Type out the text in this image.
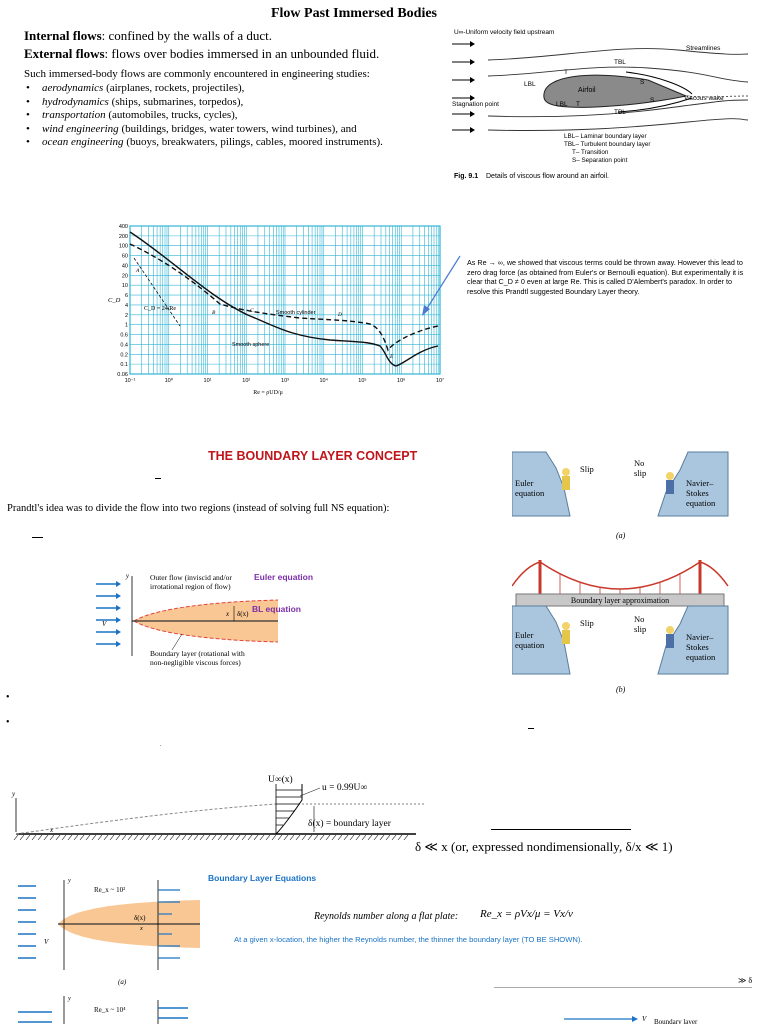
Flow Past Immersed Bodies
Internal flows: confined by the walls of a duct.
External flows: flows over bodies immersed in an unbounded fluid.
Such immersed-body flows are commonly encountered in engineering studies:
• aerodynamics (airplanes, rockets, projectiles),
• hydrodynamics (ships, submarines, torpedos),
• transportation (automobiles, trucks, cycles),
• wind engineering (buildings, bridges, water towers, wind turbines), and
• ocean engineering (buoys, breakwaters, pilings, cables, moored instruments).
U∞-Uniform velocity field upstream
Streamlines
TBL
T
LBL	S
Airfoil
Viscous wake
S
LBL T
Stagnation point
TBL
LBL– Laminar boundary layer
TBL– Turbulent boundary layer
T– Transition
S– Separation point
Fig. 9.1 Details of viscous flow around an airfoil.
400
200
100
60
40
20
10
6
4
2
1
0.6
0.4
0.2
0.1
0.06
10⁻¹	10⁰	10¹	10²	10³	10⁴	10⁵	10⁶	10⁷
C_D
C_D = 24/Re
Smooth cylinder
Smooth sphere
A
B	C
D
E
Re = ρUD/μ
As Re → ∞, we showed that viscous terms could be thrown away. However this lead to zero drag force (as obtained from Euler's or Bernoulli equation). But experimentally it is clear that C_D ≠ 0 even at large Re. This is called D'Alembert's paradox. In order to resolve this Prandtl suggested Boundary Layer theory.
THE BOUNDARY LAYER CONCEPT
Prandtl's idea was to divide the flow into two regions (instead of solving full NS equation):
Euler equation
Slip
No slip
Navier– Stokes equation
(a)
Boundary layer approximation
Euler equation
Slip	No slip
Navier– Stokes equation
(b)
y
x
V
Outer flow (inviscid and/or irrotational region of flow)
Euler equation
BL equation
δ(x)
Boundary layer (rotational with non-negligible viscous forces)
•
•
.
y
x
U∞(x)
u = 0.99U∞
δ(x) = boundary layer
δ ≪ x (or, expressed nondimensionally, δ/x ≪ 1)
Boundary Layer Equations
y
Re_x ~ 10²
δ(x)
x
V
(a)
Reynolds number along a flat plate: Re_x = ρVx/μ = Vx/ν
At a given x-location, the higher the Reynolds number, the thinner the boundary layer (TO BE SHOWN).
≫ δ
y
Re_x ~ 10⁴
V Boundary layer
